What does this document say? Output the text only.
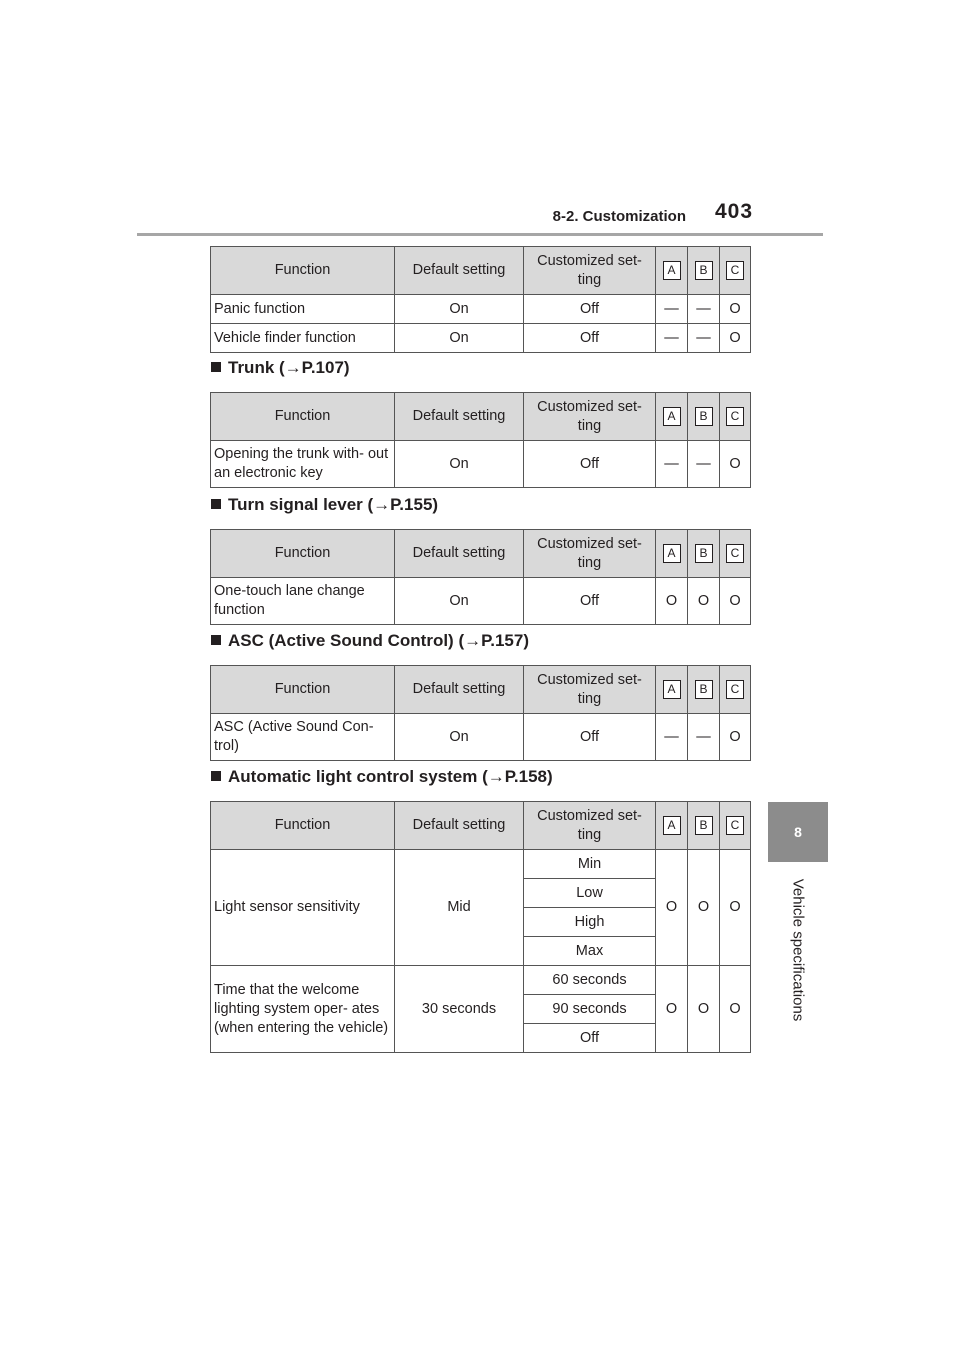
8-2. Customization 403
8
Vehicle specifications
Function	Default setting	Customized set- ting	A	B	C
Panic function	On	Off	—	—	O
Vehicle finder function	On	Off	—	—	O
Trunk (→P.107)
Function	Default setting	Customized set- ting	A	B	C
Opening the trunk with- out an electronic key	On	Off	—	—	O
Turn signal lever (→P.155)
Function	Default setting	Customized set- ting	A	B	C
One-touch lane change function	On	Off	O	O	O
ASC (Active Sound Control) (→P.157)
Function	Default setting	Customized set- ting	A	B	C
ASC (Active Sound Con- trol)	On	Off	—	—	O
Automatic light control system (→P.158)
Function	Default setting	Customized set- ting	A	B	C
Light sensor sensitivity	Mid	Min	O	O	O
		Low			
		High			
		Max			
Time that the welcome lighting system oper- ates (when entering the vehicle)	30 seconds	60 seconds	O	O	O
		90 seconds			
		Off			
